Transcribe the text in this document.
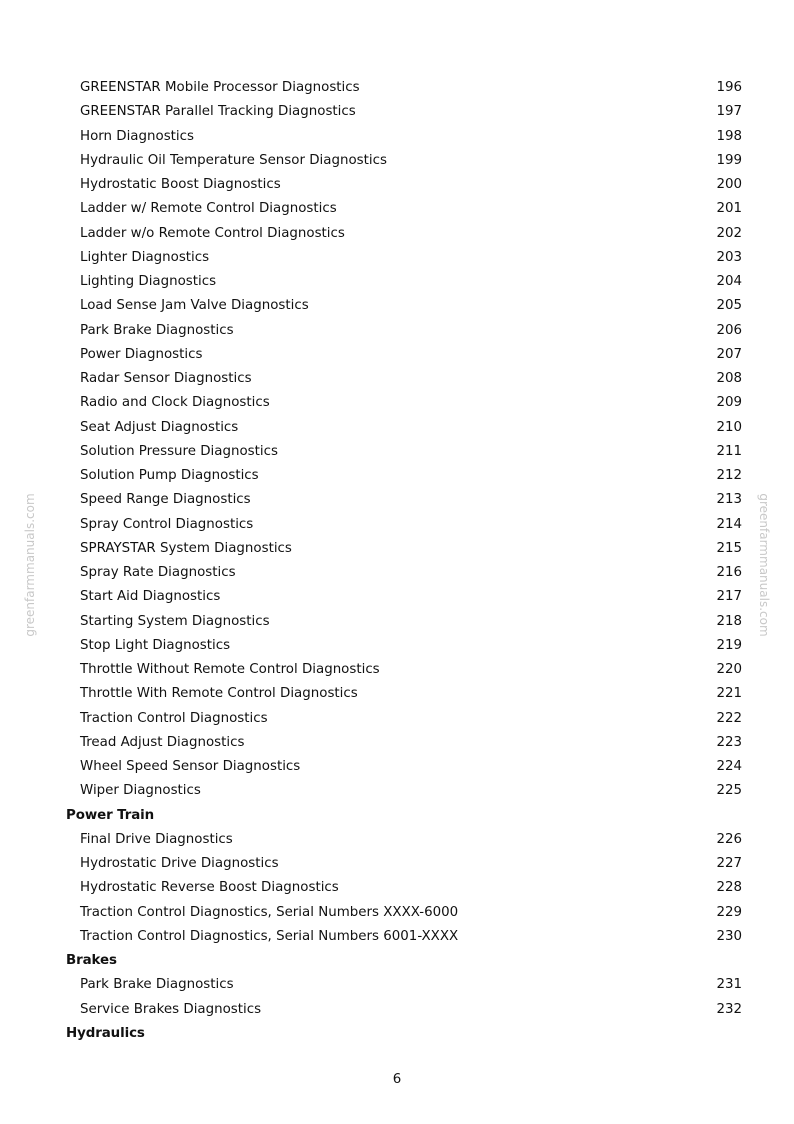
greenfarmmanuals.com	greenfarmmanuals.com
GREENSTAR Mobile Processor Diagnostics	196
GREENSTAR Parallel Tracking Diagnostics	197
Horn Diagnostics	198
Hydraulic Oil Temperature Sensor Diagnostics	199
Hydrostatic Boost Diagnostics	200
Ladder w/ Remote Control Diagnostics	201
Ladder w/o Remote Control Diagnostics	202
Lighter Diagnostics	203
Lighting Diagnostics	204
Load Sense Jam Valve Diagnostics	205
Park Brake Diagnostics	206
Power Diagnostics	207
Radar Sensor Diagnostics	208
Radio and Clock Diagnostics	209
Seat Adjust Diagnostics	210
Solution Pressure Diagnostics	211
Solution Pump Diagnostics	212
Speed Range Diagnostics	213
Spray Control Diagnostics	214
SPRAYSTAR System Diagnostics	215
Spray Rate Diagnostics	216
Start Aid Diagnostics	217
Starting System Diagnostics	218
Stop Light Diagnostics	219
Throttle Without Remote Control Diagnostics	220
Throttle With Remote Control Diagnostics	221
Traction Control Diagnostics	222
Tread Adjust Diagnostics	223
Wheel Speed Sensor Diagnostics	224
Wiper Diagnostics	225
Power Train
Final Drive Diagnostics	226
Hydrostatic Drive Diagnostics	227
Hydrostatic Reverse Boost Diagnostics	228
Traction Control Diagnostics, Serial Numbers XXXX-6000	229
Traction Control Diagnostics, Serial Numbers 6001-XXXX	230
Brakes
Park Brake Diagnostics	231
Service Brakes Diagnostics	232
Hydraulics
6
